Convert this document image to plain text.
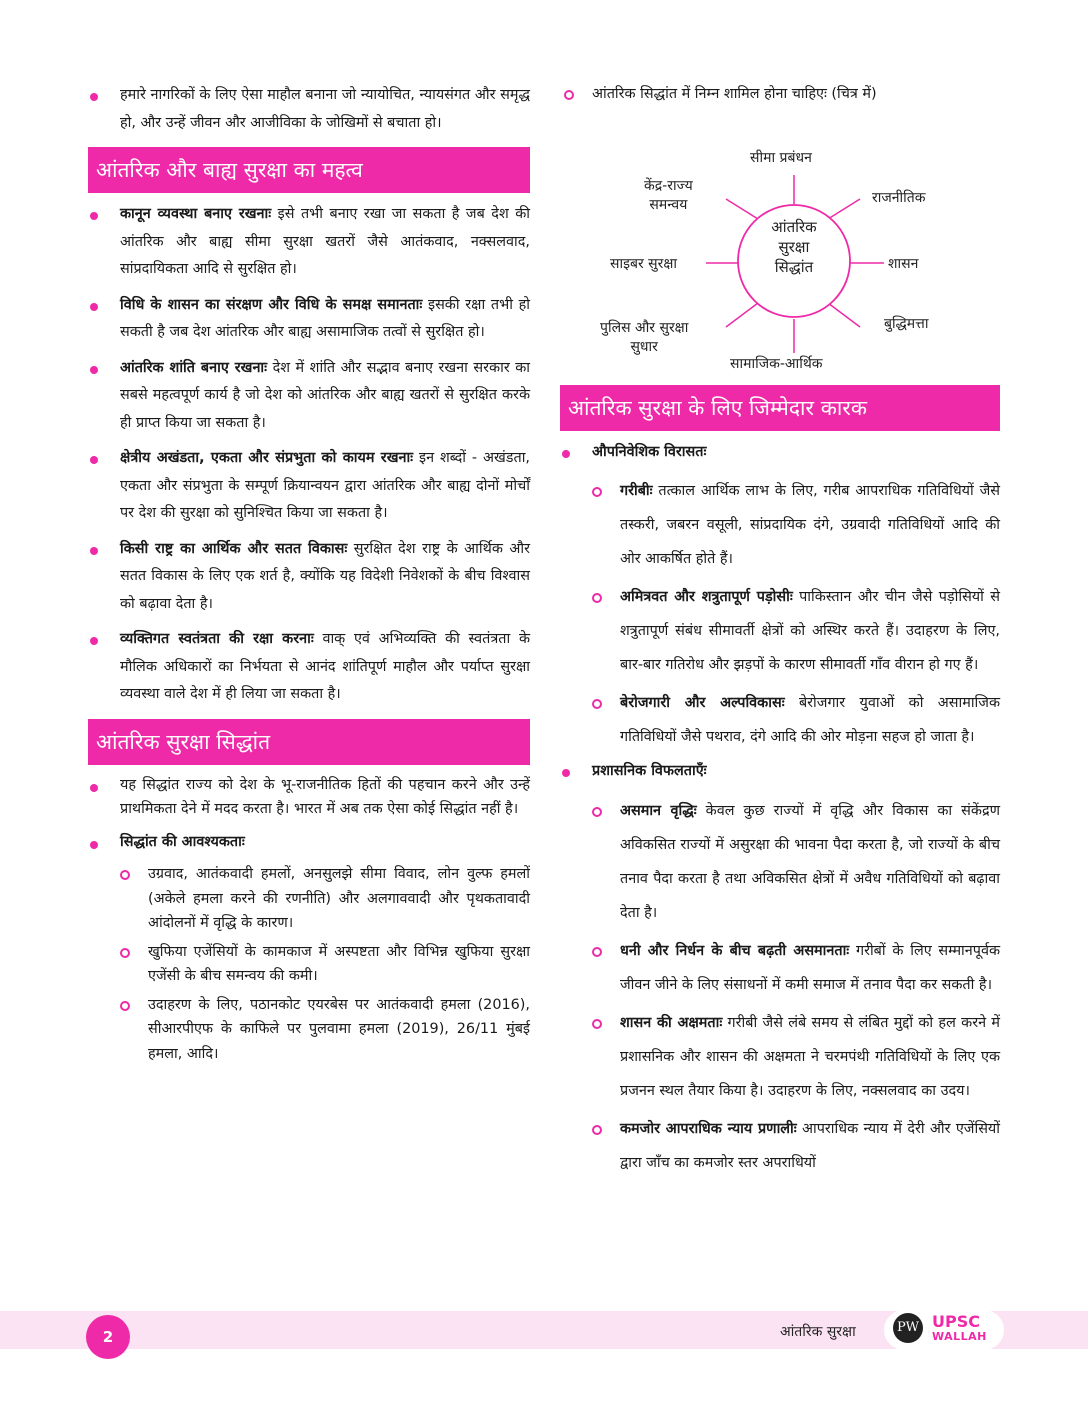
हमारे नागरिकों के लिए ऐसा माहौल बनाना जो न्यायोचित, न्यायसंगत और समृद्ध हो, और उन्हें जीवन और आजीविका के जोखिमों से बचाता हो।

आंतरिक और बाह्य सुरक्षा का महत्व

कानून व्यवस्था बनाए रखनाः इसे तभी बनाए रखा जा सकता है जब देश की आंतरिक और बाह्य सीमा सुरक्षा खतरों जैसे आतंकवाद, नक्सलवाद, सांप्रदायिकता आदि से सुरक्षित हो।

विधि के शासन का संरक्षण और विधि के समक्ष समानताः इसकी रक्षा तभी हो सकती है जब देश आंतरिक और बाह्य असामाजिक तत्वों से सुरक्षित हो।

आंतरिक शांति बनाए रखनाः देश में शांति और सद्भाव बनाए रखना सरकार का सबसे महत्वपूर्ण कार्य है जो देश को आंतरिक और बाह्य खतरों से सुरक्षित करके ही प्राप्त किया जा सकता है।

क्षेत्रीय अखंडता, एकता और संप्रभुता को कायम रखनाः इन शब्दों - अखंडता, एकता और संप्रभुता के सम्पूर्ण क्रियान्वयन द्वारा आंतरिक और बाह्य दोनों मोर्चों पर देश की सुरक्षा को सुनिश्चित किया जा सकता है।

किसी राष्ट्र का आर्थिक और सतत विकासः सुरक्षित देश राष्ट्र के आर्थिक और सतत विकास के लिए एक शर्त है, क्योंकि यह विदेशी निवेशकों के बीच विश्वास को बढ़ावा देता है।

व्यक्तिगत स्वतंत्रता की रक्षा करनाः वाक् एवं अभिव्यक्ति की स्वतंत्रता के मौलिक अधिकारों का निर्भयता से आनंद शांतिपूर्ण माहौल और पर्याप्त सुरक्षा व्यवस्था वाले देश में ही लिया जा सकता है।

आंतरिक सुरक्षा सिद्धांत

यह सिद्धांत राज्य को देश के भू-राजनीतिक हितों की पहचान करने और उन्हें प्राथमिकता देने में मदद करता है। भारत में अब तक ऐसा कोई सिद्धांत नहीं है।

सिद्धांत की आवश्यकताः

उग्रवाद, आतंकवादी हमलों, अनसुलझे सीमा विवाद, लोन वुल्फ हमलों (अकेले हमला करने की रणनीति) और अलगाववादी और पृथकतावादी आंदोलनों में वृद्धि के कारण।

खुफिया एजेंसियों के कामकाज में अस्पष्टता और विभिन्न खुफिया सुरक्षा एजेंसी के बीच समन्वय की कमी।

उदाहरण के लिए, पठानकोट एयरबेस पर आतंकवादी हमला (2016), सीआरपीएफ के काफिले पर पुलवामा हमला (2019), 26/11 मुंबई हमला, आदि।

आंतरिक सिद्धांत में निम्न शामिल होना चाहिएः (चित्र में)

आंतरिक
सुरक्षा
सिद्धांत
सीमा प्रबंधन
राजनीतिक
शासन
बुद्धिमत्ता
सामाजिक-आर्थिक
पुलिस और सुरक्षा
सुधार
साइबर सुरक्षा
केंद्र-राज्य
समन्वय
आंतरिक सुरक्षा के लिए जिम्मेदार कारक

औपनिवेशिक विरासतः

गरीबीः तत्काल आर्थिक लाभ के लिए, गरीब आपराधिक गतिविधियों जैसे तस्करी, जबरन वसूली, सांप्रदायिक दंगे, उग्रवादी गतिविधियों आदि की ओर आकर्षित होते हैं।

अमित्रवत और शत्रुतापूर्ण पड़ोसीः पाकिस्तान और चीन जैसे पड़ोसियों से शत्रुतापूर्ण संबंध सीमावर्ती क्षेत्रों को अस्थिर करते हैं। उदाहरण के लिए, बार-बार गतिरोध और झड़पों के कारण सीमावर्ती गाँव वीरान हो गए हैं।

बेरोजगारी और अल्पविकासः बेरोजगार युवाओं को असामाजिक गतिविधियों जैसे पथराव, दंगे आदि की ओर मोड़ना सहज हो जाता है।

प्रशासनिक विफलताएँः

असमान वृद्धिः केवल कुछ राज्यों में वृद्धि और विकास का संकेंद्रण अविकसित राज्यों में असुरक्षा की भावना पैदा करता है, जो राज्यों के बीच तनाव पैदा करता है तथा अविकसित क्षेत्रों में अवैध गतिविधियों को बढ़ावा देता है।

धनी और निर्धन के बीच बढ़ती असमानताः गरीबों के लिए सम्मानपूर्वक जीवन जीने के लिए संसाधनों में कमी समाज में तनाव पैदा कर सकती है।

शासन की अक्षमताः गरीबी जैसे लंबे समय से लंबित मुद्दों को हल करने में प्रशासनिक और शासन की अक्षमता ने चरमपंथी गतिविधियों के लिए एक प्रजनन स्थल तैयार किया है। उदाहरण के लिए, नक्सलवाद का उदय।

कमजोर आपराधिक न्याय प्रणालीः आपराधिक न्याय में देरी और एजेंसियों द्वारा जाँच का कमजोर स्तर अपराधियों

2	आंतरिक सुरक्षा	PW UPSC
WALLAH
